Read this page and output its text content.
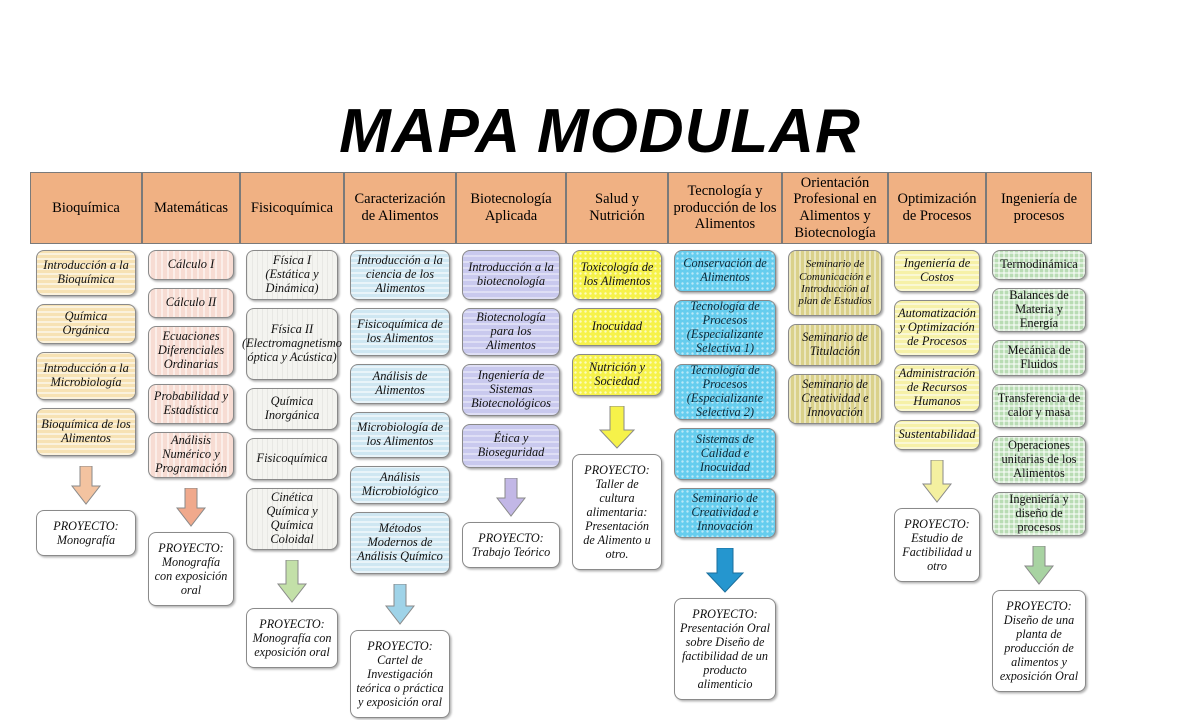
MAPA MODULAR
Bioquímica
Introducción a la Bioquímica
Química Orgánica
Introducción a la Microbiología
Bioquímica de los Alimentos
PROYECTO: Monografía
Matemáticas
Cálculo I
Cálculo II
Ecuaciones Diferenciales Ordinarias
Probabilidad y Estadística
Análisis Numérico y Programación
PROYECTO: Monografía con exposición oral
Fisicoquímica
Física I (Estática y Dinámica)
Física II (Electromagnetismo óptica y Acústica)
Química Inorgánica
Fisicoquímica
Cinética Química y Química Coloidal
PROYECTO: Monografía con exposición oral
Caracterización de Alimentos
Introducción a la ciencia de los Alimentos
Fisicoquímica de los Alimentos
Análisis de Alimentos
Microbiología de los Alimentos
Análisis Microbiológico
Métodos Modernos de Análisis Químico
PROYECTO: Cartel de Investigación teórica o práctica y exposición oral
Biotecnología Aplicada
Introducción a la biotecnología
Biotecnología para los Alimentos
Ingeniería de Sistemas Biotecnológicos
Ética y Bioseguridad
PROYECTO: Trabajo Teórico
Salud y Nutrición
Toxicología de los Alimentos
Inocuidad
Nutrición y Sociedad
PROYECTO: Taller de cultura alimentaria: Presentación de Alimento u otro.
Tecnología y producción de los Alimentos
Conservación de Alimentos
Tecnología de Procesos (Especializante Selectiva 1)
Tecnología de Procesos (Especializante Selectiva 2)
Sistemas de Calidad e Inocuidad
Seminario de Creatividad e Innovación
PROYECTO: Presentación Oral sobre Diseño de factibilidad de un producto alimenticio
Orientación Profesional en Alimentos y Biotecnología
Seminario de Comunicación e Introducción al plan de Estudios
Seminario de Titulación
Seminario de Creatividad e Innovación
Optimización de Procesos
Ingeniería de Costos
Automatización y Optimización de Procesos
Administración de Recursos Humanos
Sustentabilidad
PROYECTO: Estudio de Factibilidad u otro
Ingeniería de procesos
Termodinámica
Balances de Materia y Energía
Mecánica de Fluidos
Transferencia de calor y masa
Operaciones unitarias de los Alimentos
Ingeniería y diseño de procesos
PROYECTO: Diseño de una planta de producción de alimentos y exposición Oral
